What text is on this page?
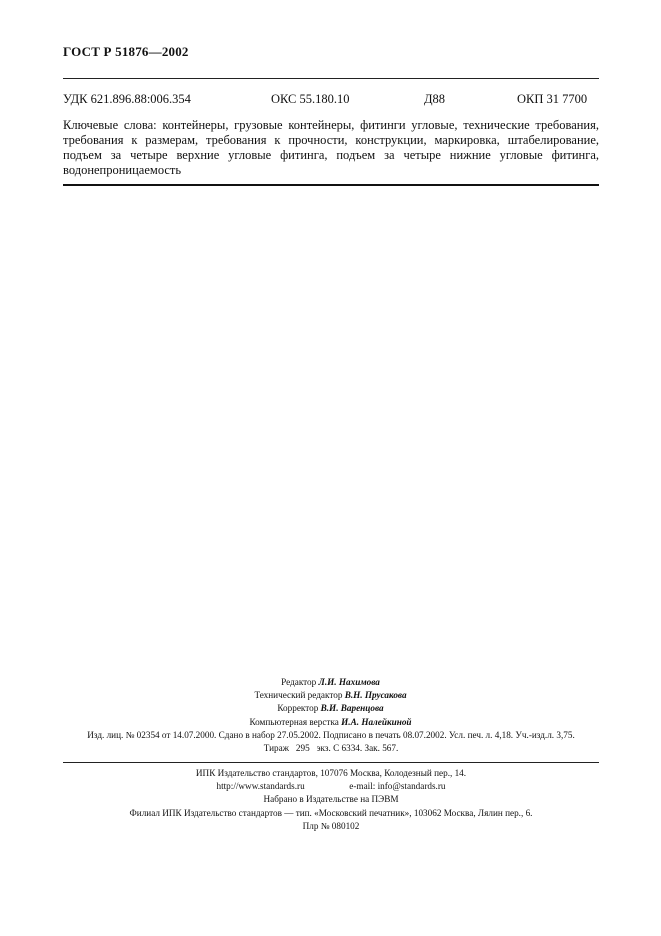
ГОСТ Р 51876—2002
УДК 621.896.88:006.354	ОКС 55.180.10	Д88	ОКП 31 7700
Ключевые слова: контейнеры, грузовые контейнеры, фитинги угловые, технические требования, требования к размерам, требования к прочности, конструкции, маркировка, штабелирование, подъем за четыре верхние угловые фитинга, подъем за четыре нижние угловые фитинга, водонепроницаемость
Редактор Л.И. Нахимова
Технический редактор В.Н. Прусакова
Корректор В.И. Варенцова
Компьютерная верстка И.А. Налейкиной
Изд. лиц. № 02354 от 14.07.2000. Сдано в набор 27.05.2002. Подписано в печать 08.07.2002. Усл. печ. л. 4,18. Уч.-изд.л. 3,75.
Тираж   295   экз. С 6334. Зак. 567.
ИПК Издательство стандартов, 107076 Москва, Колодезный пер., 14.
http://www.standards.ru	e-mail: info@standards.ru
Набрано в Издательстве на ПЭВМ
Филиал ИПК Издательство стандартов — тип. «Московский печатник», 103062 Москва, Лялин пер., 6.
Плр № 080102
